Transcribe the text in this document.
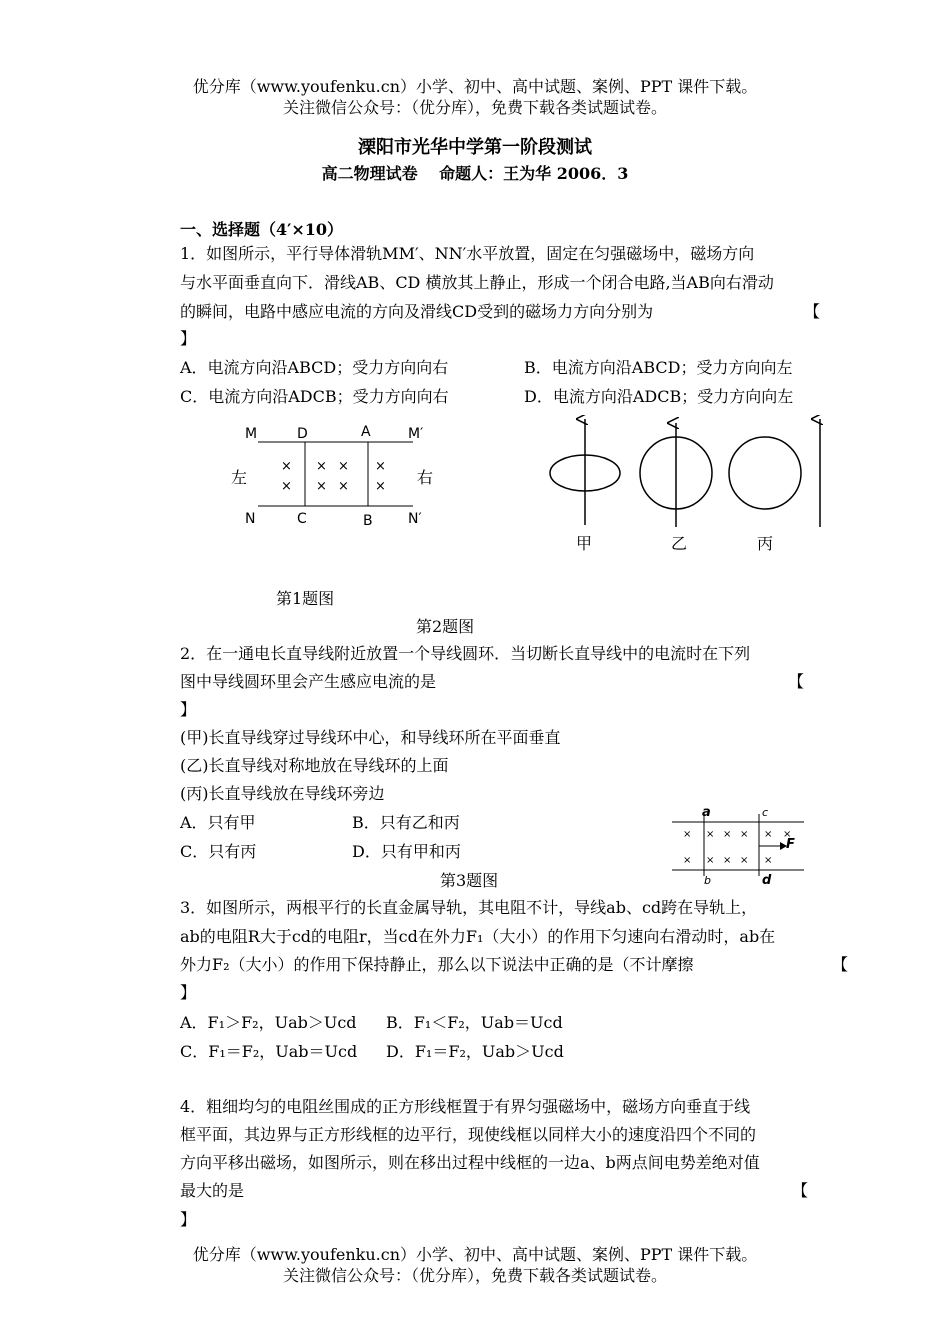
优分库（www.youfenku.cn）小学、初中、高中试题、案例、PPT 课件下载。
关注微信公众号：（优分库），免费下载各类试题试卷。
溧阳市光华中学第一阶段测试
高二物理试卷　 命题人：王为华 2006．3
一、选择题（4′×10）
1．如图所示，平行导体滑轨MM′、NN′水平放置，固定在匀强磁场中，磁场方向
与水平面垂直向下．滑线AB、CD 横放其上静止，形成一个闭合电路,当AB向右滑动
的瞬间，电路中感应电流的方向及滑线CD受到的磁场力方向分别为	【
】
A．电流方向沿ABCD；受力方向向右	B．电流方向沿ABCD；受力方向向左
C．电流方向沿ADCB；受力方向向右	D．电流方向沿ADCB；受力方向向左
M	D	A	M′
N	C	B	N′
左	右
×
×
×
×
×
×
×
×
第1题图
甲	乙	丙
第2题图
2．在一通电长直导线附近放置一个导线圆环．当切断长直导线中的电流时在下列
图中导线圆环里会产生感应电流的是	【
】
(甲)长直导线穿过导线环中心，和导线环所在平面垂直
(乙)长直导线对称地放在导线环的上面
(丙)长直导线放在导线环旁边
A．只有甲	B．只有乙和丙
C．只有丙	D．只有甲和丙
× × × × × ×
× × × × ×
a	c
b	d
F
第3题图
3．如图所示，两根平行的长直金属导轨，其电阻不计，导线ab、cd跨在导轨上，
ab的电阻R大于cd的电阻r，当cd在外力F₁（大小）的作用下匀速向右滑动时，ab在
外力F₂（大小）的作用下保持静止，那么以下说法中正确的是（不计摩擦	【
】
A．F₁＞F₂，Uab＞Ucd B．F₁＜F₂，Uab＝Ucd
C．F₁＝F₂，Uab＝Ucd D．F₁＝F₂，Uab＞Ucd
4．粗细均匀的电阻丝围成的正方形线框置于有界匀强磁场中，磁场方向垂直于线
框平面，其边界与正方形线框的边平行，现使线框以同样大小的速度沿四个不同的
方向平移出磁场，如图所示，则在移出过程中线框的一边a、b两点间电势差绝对值
最大的是	【
】
优分库（www.youfenku.cn）小学、初中、高中试题、案例、PPT 课件下载。
关注微信公众号：（优分库），免费下载各类试题试卷。
